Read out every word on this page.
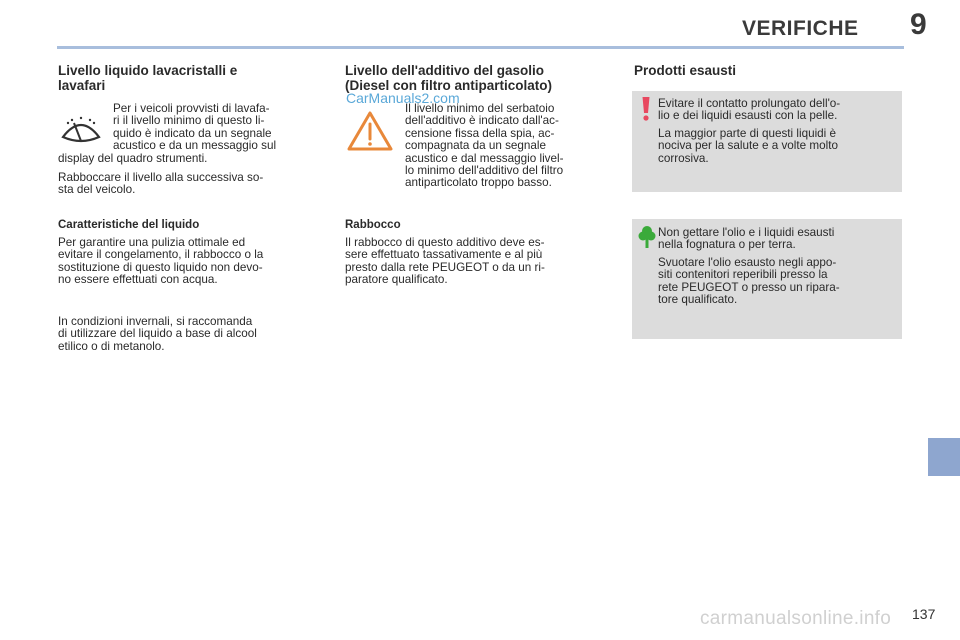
VERIFICHE 9
Livello liquido lavacristalli e
lavafari
Per i veicoli provvisti di lavafa-
ri il livello minimo di questo li-
quido è indicato da un segnale
acustico e da un messaggio sul
display del quadro strumenti.
Rabboccare il livello alla successiva so-
sta del veicolo.
Caratteristiche del liquido
Per garantire una pulizia ottimale ed
evitare il congelamento, il rabbocco o la
sostituzione di questo liquido non devo-
no essere effettuati con acqua.
In condizioni invernali, si raccomanda
di utilizzare del liquido a base di alcool
etilico o di metanolo.
Livello dell'additivo del gasolio
(Diesel con filtro antiparticolato)
CarManuals2.com
Il livello minimo del serbatoio
dell'additivo è indicato dall'ac-
censione fissa della spia, ac-
compagnata da un segnale
acustico e dal messaggio livel-
lo minimo dell'additivo del filtro
antiparticolato troppo basso.
Rabbocco
Il rabbocco di questo additivo deve es-
sere effettuato tassativamente e al più
presto dalla rete PEUGEOT o da un ri-
paratore qualificato.
Prodotti esausti
Evitare il contatto prolungato dell'o-
lio e dei liquidi esausti con la pelle.
La maggior parte di questi liquidi è
nociva per la salute e a volte molto
corrosiva.
Non gettare l'olio e i liquidi esausti
nella fognatura o per terra.
Svuotare l'olio esausto negli appo-
siti contenitori reperibili presso la
rete PEUGEOT o presso un ripara-
tore qualificato.
137
carmanualsonline.info
